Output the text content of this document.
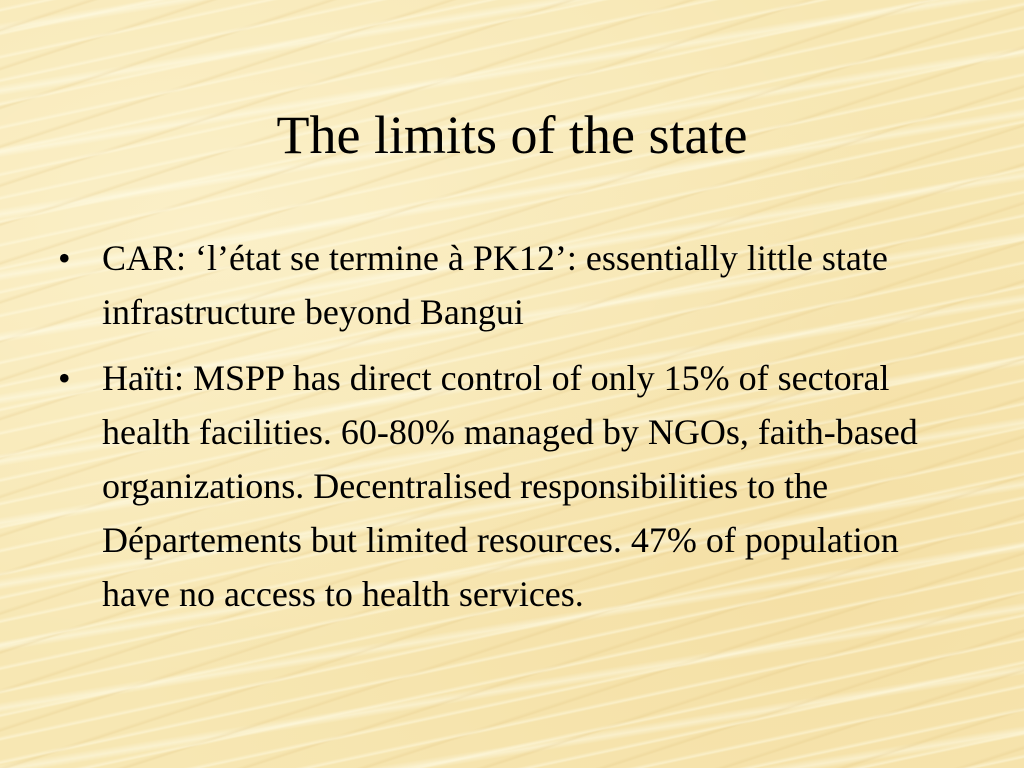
The limits of the state
• CAR: ‘l’état se termine à PK12’: essentially little state infrastructure beyond Bangui
• Haïti: MSPP has direct control of only 15% of sectoral health facilities. 60-80% managed by NGOs, faith-based organizations. Decentralised responsibilities to the Départements but limited resources. 47% of population have no access to health services.
